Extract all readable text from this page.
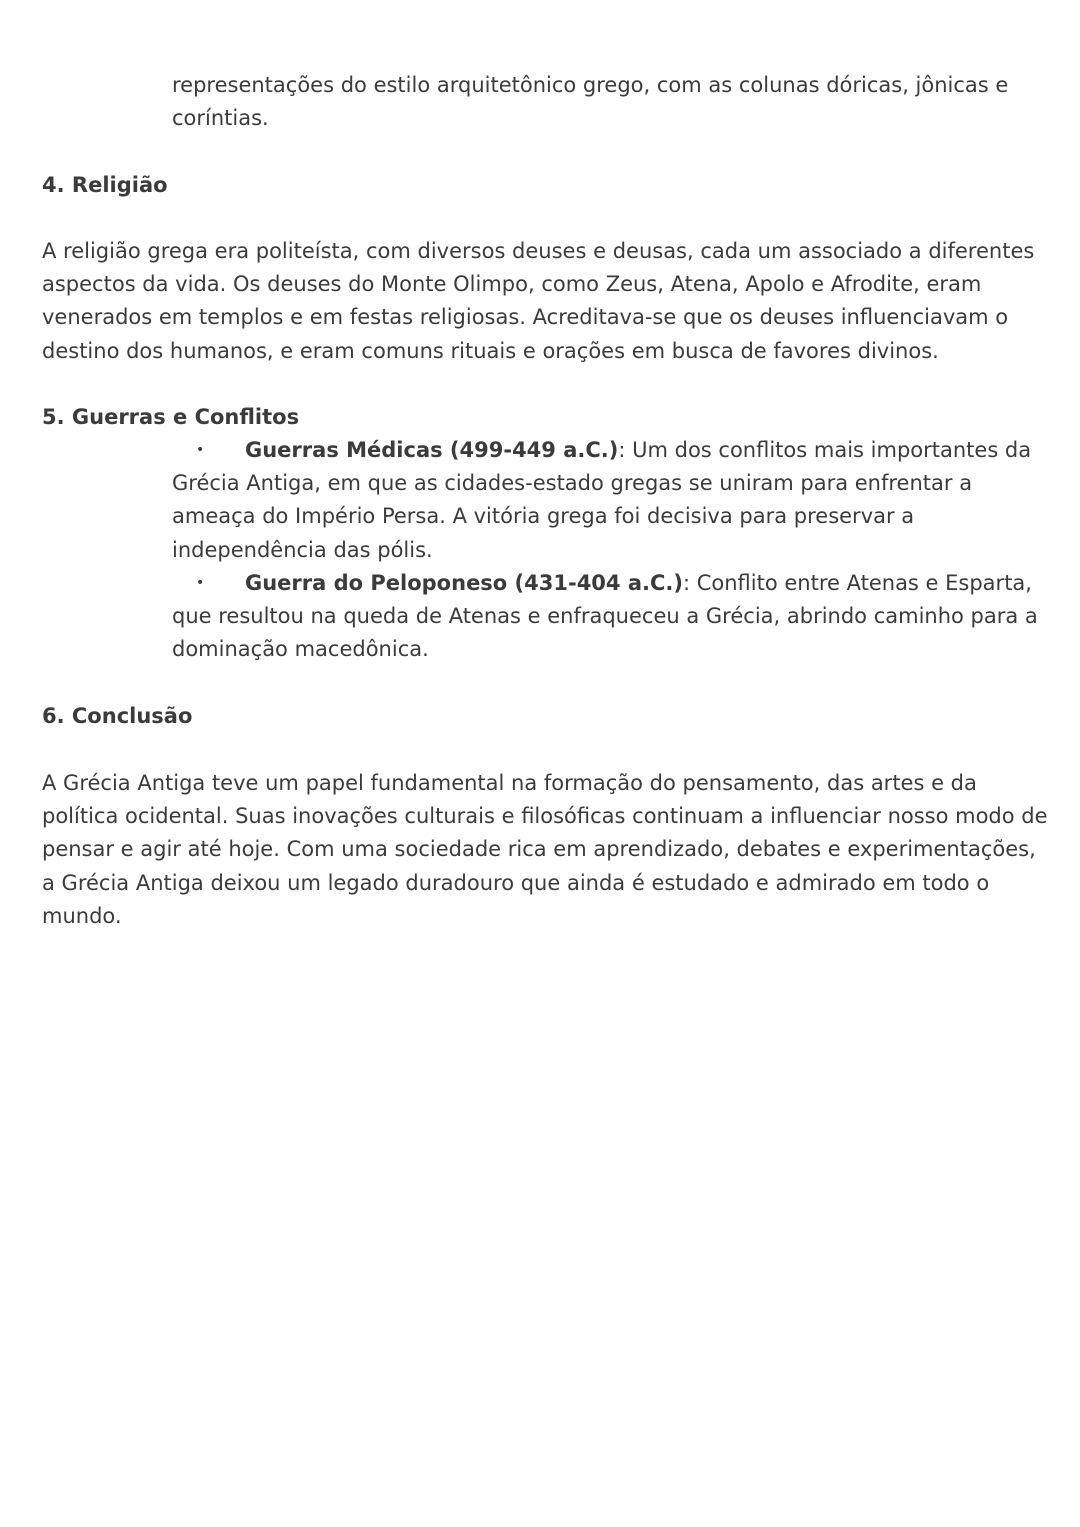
representações do estilo arquitetônico grego, com as colunas dóricas, jônicas e coríntias.

4. Religião

A religião grega era politeísta, com diversos deuses e deusas, cada um associado a diferentes aspectos da vida. Os deuses do Monte Olimpo, como Zeus, Atena, Apolo e Afrodite, eram venerados em templos e em festas religiosas. Acreditava-se que os deuses influenciavam o destino dos humanos, e eram comuns rituais e orações em busca de favores divinos.

5. Guerras e Conflitos

• Guerras Médicas (499-449 a.C.): Um dos conflitos mais importantes da Grécia Antiga, em que as cidades-estado gregas se uniram para enfrentar a ameaça do Império Persa. A vitória grega foi decisiva para preservar a independência das pólis.

• Guerra do Peloponeso (431-404 a.C.): Conflito entre Atenas e Esparta, que resultou na queda de Atenas e enfraqueceu a Grécia, abrindo caminho para a dominação macedônica.

6. Conclusão

A Grécia Antiga teve um papel fundamental na formação do pensamento, das artes e da política ocidental. Suas inovações culturais e filosóficas continuam a influenciar nosso modo de pensar e agir até hoje. Com uma sociedade rica em aprendizado, debates e experimentações, a Grécia Antiga deixou um legado duradouro que ainda é estudado e admirado em todo o mundo.
